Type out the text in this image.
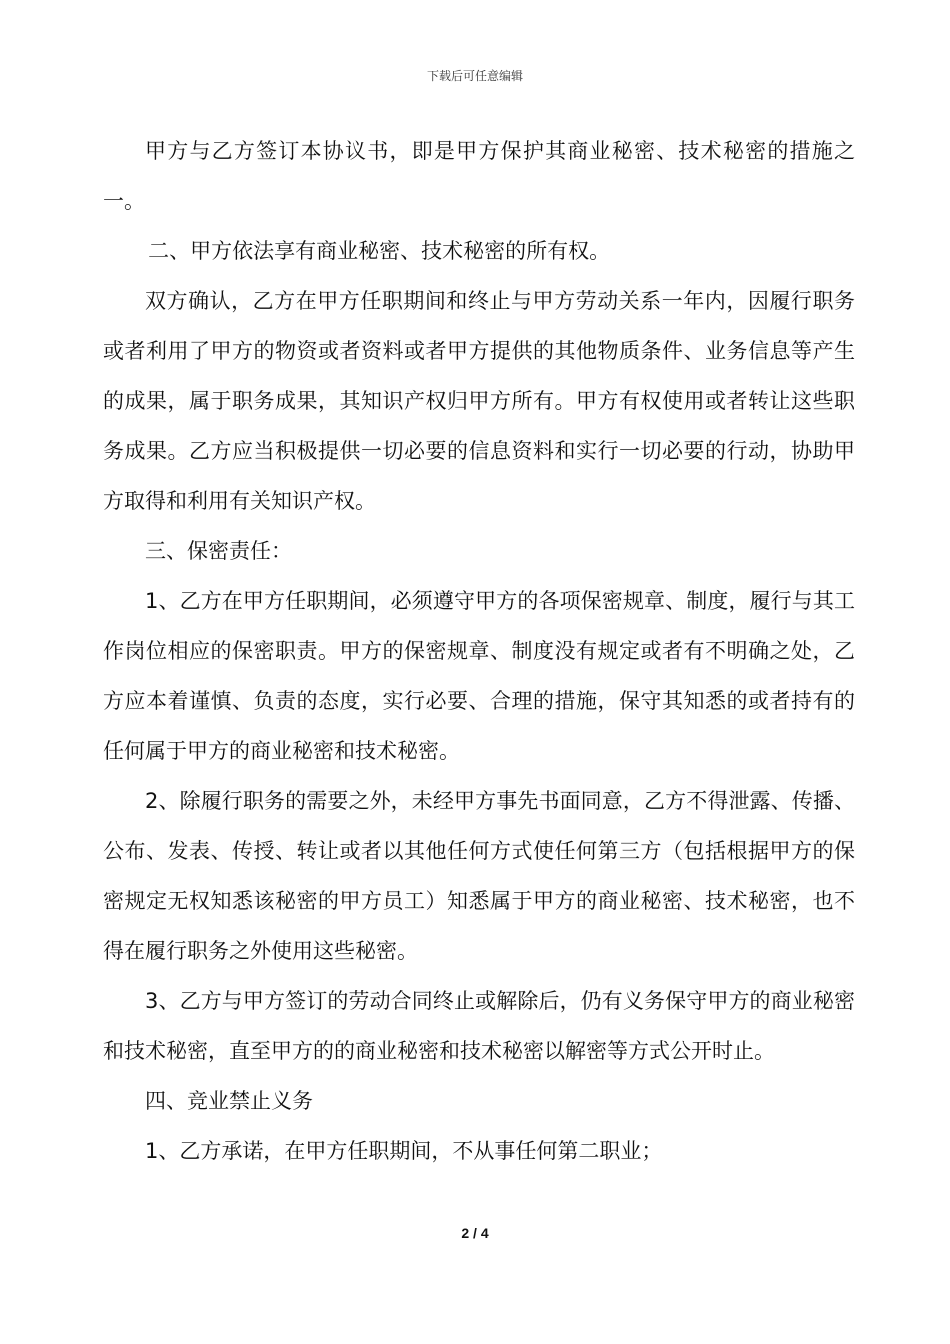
下载后可任意编辑

甲方与乙方签订本协议书，即是甲方保护其商业秘密、技术秘密的措施之一。

二、甲方依法享有商业秘密、技术秘密的所有权。

双方确认，乙方在甲方任职期间和终止与甲方劳动关系一年内，因履行职务或者利用了甲方的物资或者资料或者甲方提供的其他物质条件、业务信息等产生的成果，属于职务成果，其知识产权归甲方所有。甲方有权使用或者转让这些职务成果。乙方应当积极提供一切必要的信息资料和实行一切必要的行动，协助甲方取得和利用有关知识产权。

三、保密责任：

1、乙方在甲方任职期间，必须遵守甲方的各项保密规章、制度，履行与其工作岗位相应的保密职责。甲方的保密规章、制度没有规定或者有不明确之处，乙方应本着谨慎、负责的态度，实行必要、合理的措施，保守其知悉的或者持有的任何属于甲方的商业秘密和技术秘密。

2、除履行职务的需要之外，未经甲方事先书面同意，乙方不得泄露、传播、公布、发表、传授、转让或者以其他任何方式使任何第三方（包括根据甲方的保密规定无权知悉该秘密的甲方员工）知悉属于甲方的商业秘密、技术秘密，也不得在履行职务之外使用这些秘密。

3、乙方与甲方签订的劳动合同终止或解除后，仍有义务保守甲方的商业秘密和技术秘密，直至甲方的的商业秘密和技术秘密以解密等方式公开时止。

四、竞业禁止义务

1、乙方承诺，在甲方任职期间，不从事任何第二职业；

2 / 4
